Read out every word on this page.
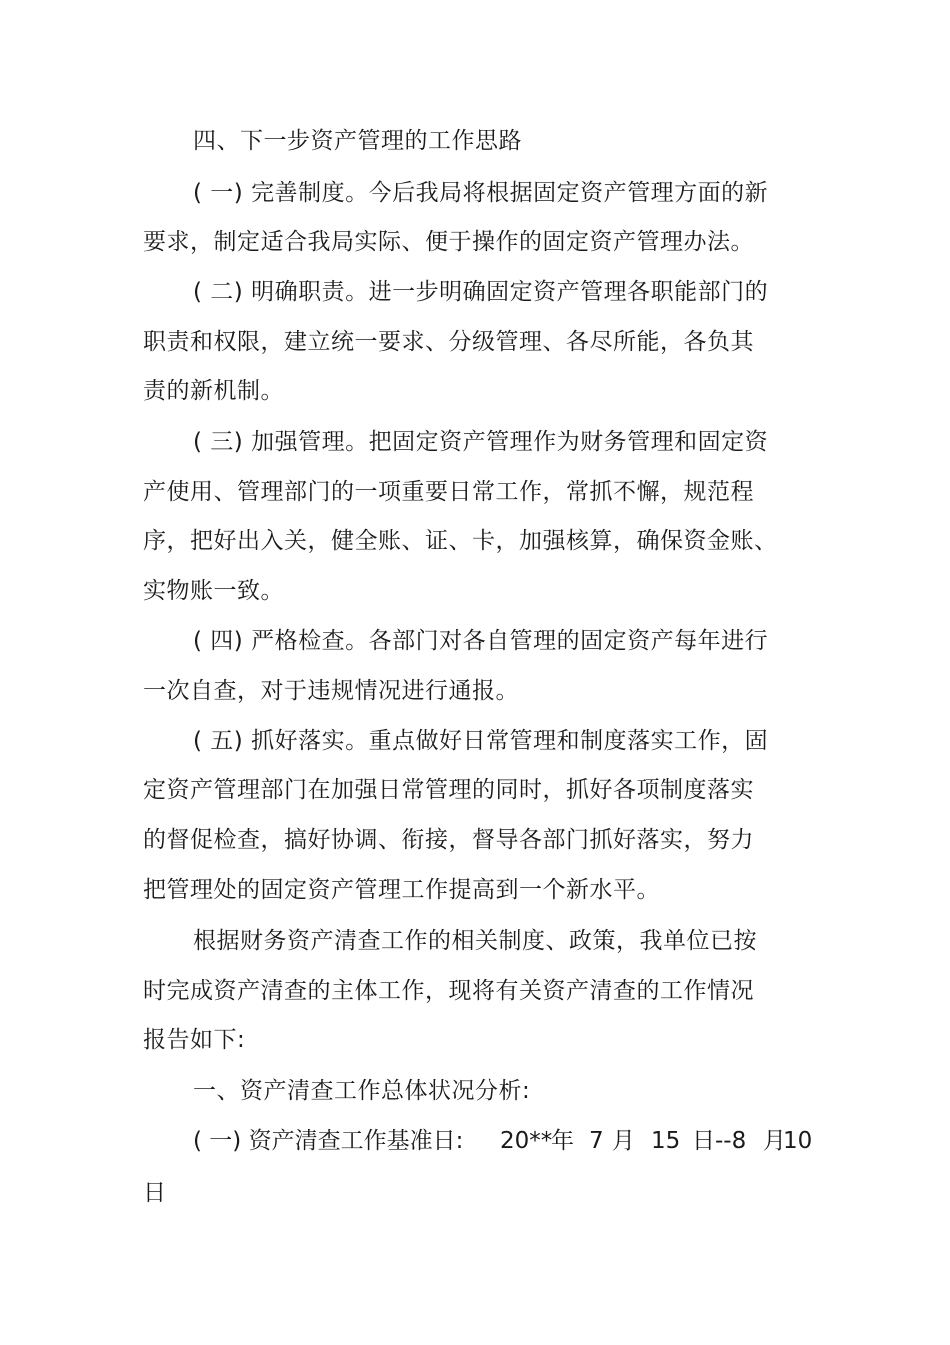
四、下一步资产管理的工作思路
( 一) 完善制度。今后我局将根据固定资产管理方面的新
要求，制定适合我局实际、便于操作的固定资产管理办法。
( 二) 明确职责。进一步明确固定资产管理各职能部门的
职责和权限，建立统一要求、分级管理、各尽所能，各负其
责的新机制。
( 三) 加强管理。把固定资产管理作为财务管理和固定资
产使用、管理部门的一项重要日常工作，常抓不懈，规范程
序，把好出入关，健全账、证、卡，加强核算，确保资金账、
实物账一致。
( 四) 严格检查。各部门对各自管理的固定资产每年进行
一次自查，对于违规情况进行通报。
( 五) 抓好落实。重点做好日常管理和制度落实工作，固
定资产管理部门在加强日常管理的同时，抓好各项制度落实
的督促检查，搞好协调、衔接，督导各部门抓好落实，努力
把管理处的固定资产管理工作提高到一个新水平。
根据财务资产清查工作的相关制度、政策，我单位已按
时完成资产清查的主体工作，现将有关资产清查的工作情况
报告如下:
一、资产清查工作总体状况分析:
( 一) 资产清查工作基准日: 20**
年 7 月 15 日--8 月
10
日
